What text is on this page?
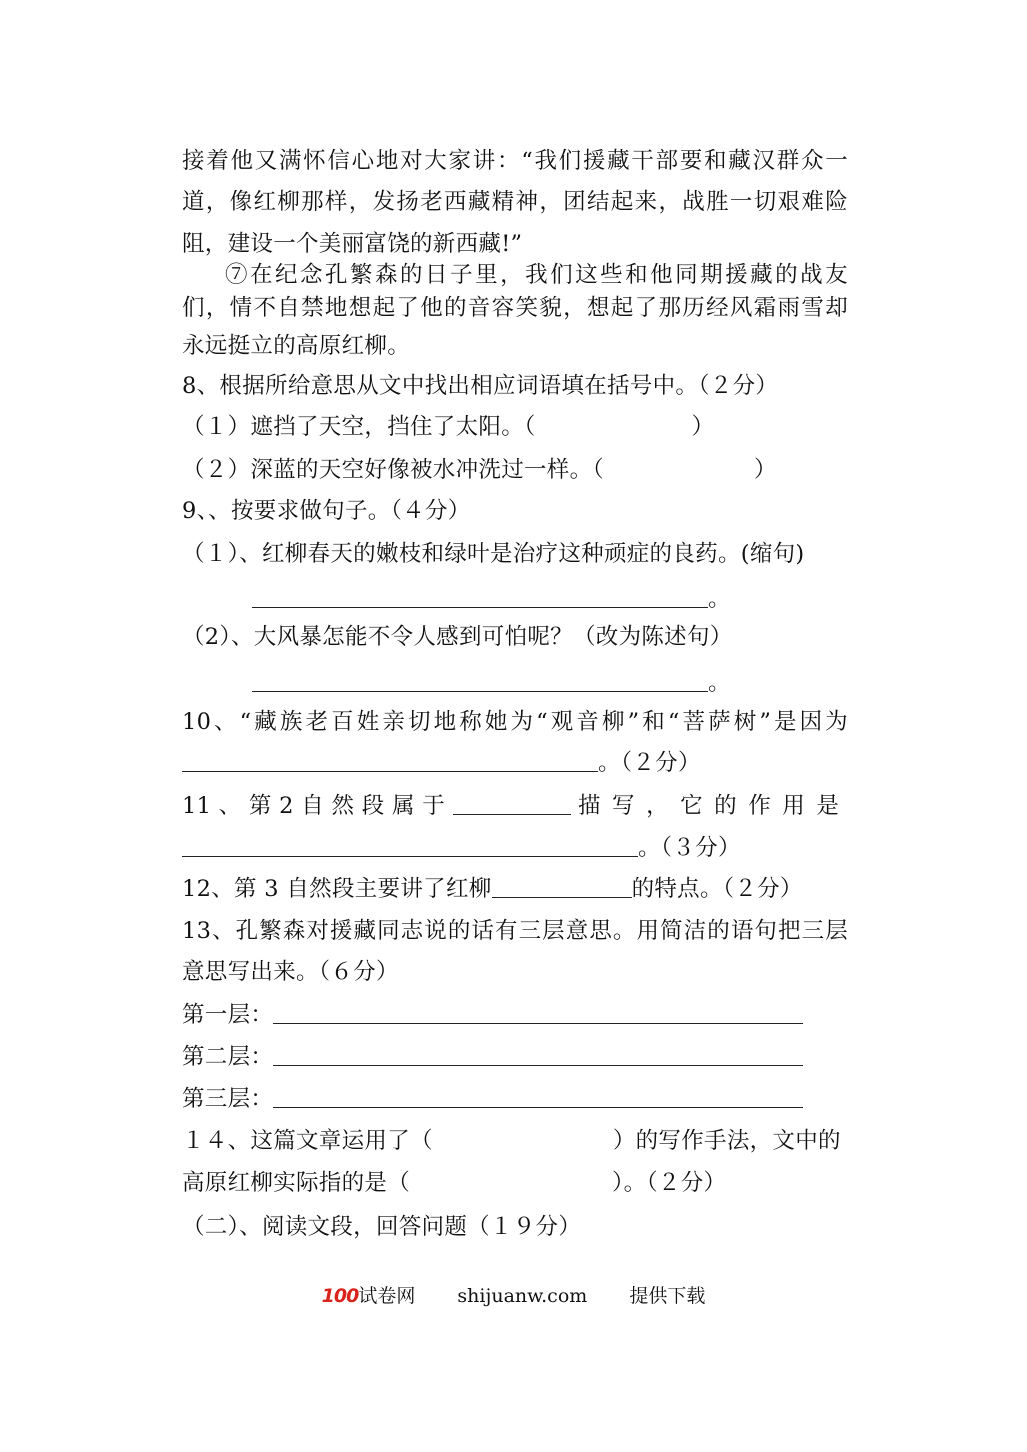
接着他又满怀信心地对大家讲：“我们援藏干部要和藏汉群众一
道，像红柳那样，发扬老西藏精神，团结起来，战胜一切艰难险
阻，建设一个美丽富饶的新西藏!”
⑦在纪念孔繁森的日子里，我们这些和他同期援藏的战友
们，情不自禁地想起了他的音容笑貌，想起了那历经风霜雨雪却
永远挺立的高原红柳。
8、根据所给意思从文中找出相应词语填在括号中。（２分）
（１）遮挡了天空，挡住了太阳。（	）
（２）深蓝的天空好像被水冲洗过一样。（	）
9、、按要求做句子。（４分）
（１）、红柳春天的嫩枝和绿叶是治疗这种顽症的良药。(缩句)
。
（2）、大风暴怎能不令人感到可怕呢？（改为陈述句）
。
10、“藏族老百姓亲切地称她为“观音柳”和“菩萨树”是因为
。（２分）
11 、 第 2 自 然 段 属 于	描 写 ， 它 的 作 用 是
。（３分）
12、第 3 自然段主要讲了红柳	的特点。（２分）
13、孔繁森对援藏同志说的话有三层意思。用简洁的语句把三层
意思写出来。（６分）
第一层：
第二层：
第三层：
１４、这篇文章运用了（	）的写作手法，文中的
高原红柳实际指的是（	）。（２分）
（二）、阅读文段，回答问题（１９分）
100试卷网 shijuanw.com 提供下载
